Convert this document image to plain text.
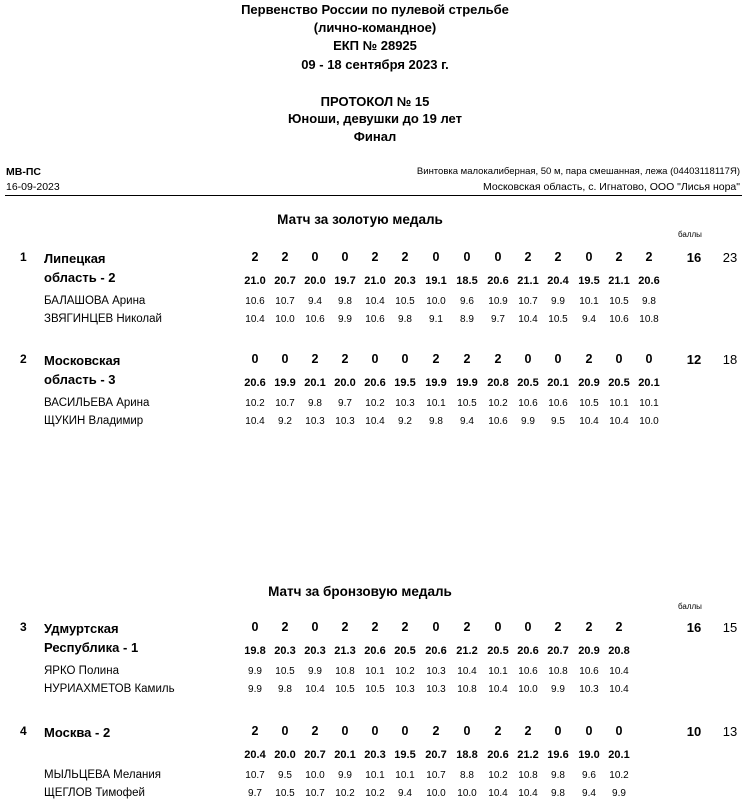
Первенство России по пулевой стрельбе
(лично-командное)
ЕКП № 28925
09 - 18 сентября 2023 г.
ПРОТОКОЛ № 15
Юноши, девушки до 19 лет
Финал
МВ-ПС
16-09-2023
Винтовка малокалиберная, 50 м, пара смешанная, лежа (04403118117Я)
Московская область, с. Игнатово, ООО "Лисья нора"
Матч за золотую медаль
баллы
1 Липецкая
область - 2
2	2	0	0	2	2	0	0	0	2	2	0	2	2
21.0 20.7 20.0 19.7 21.0 20.3 19.1 18.5 20.6 21.1 20.4 19.5 21.1 20.6
16	23
БАЛАШОВА Арина	10.6	10.7	9.4	9.8	10.4	10.5	10.0	9.6	10.9	10.7	9.9	10.1	10.5	9.8
ЗВЯГИНЦЕВ Николай	10.4	10.0	10.6	9.9	10.6	9.8	9.1	8.9	9.7	10.4	10.5	9.4	10.6	10.8
2 Московская
область - 3
0	0	2	2	0	0	2	2	2	0	0	2	0	0
20.6 19.9 20.1 20.0 20.6 19.5 19.9 19.9 20.8 20.5 20.1 20.9 20.5 20.1
12	18
ВАСИЛЬЕВА Арина	10.2	10.7	9.8	9.7	10.2	10.3	10.1	10.5	10.2	10.6	10.6	10.5	10.1	10.1
ЩУКИН Владимир	10.4	9.2	10.3	10.3	10.4	9.2	9.8	9.4	10.6	9.9	9.5	10.4	10.4	10.0
Матч за бронзовую медаль
баллы
3 Удмуртская
Республика - 1
0	2	0	2	2	2	0	2	0	0	2	2	2
19.8 20.3 20.3 21.3 20.6 20.5 20.6 21.2 20.5 20.6 20.7 20.9 20.8
16	15
ЯРКО Полина	9.9	10.5	9.9	10.8	10.1	10.2	10.3	10.4	10.1	10.6	10.8	10.6	10.4
НУРИАХМЕТОВ Камиль	9.9	9.8	10.4	10.5	10.5	10.3	10.3	10.8	10.4	10.0	9.9	10.3	10.4
4 Москва - 2	2	0	2	0	0	0	2	0	2	2	0	0	0
20.4 20.0 20.7 20.1 20.3 19.5 20.7 18.8 20.6 21.2 19.6 19.0 20.1
10	13
МЫЛЬЦЕВА Мелания	10.7	9.5	10.0	9.9	10.1	10.1	10.7	8.8	10.2	10.8	9.8	9.6	10.2
ЩЕГЛОВ Тимофей	9.7	10.5	10.7	10.2	10.2	9.4	10.0	10.0	10.4	10.4	9.8	9.4	9.9
